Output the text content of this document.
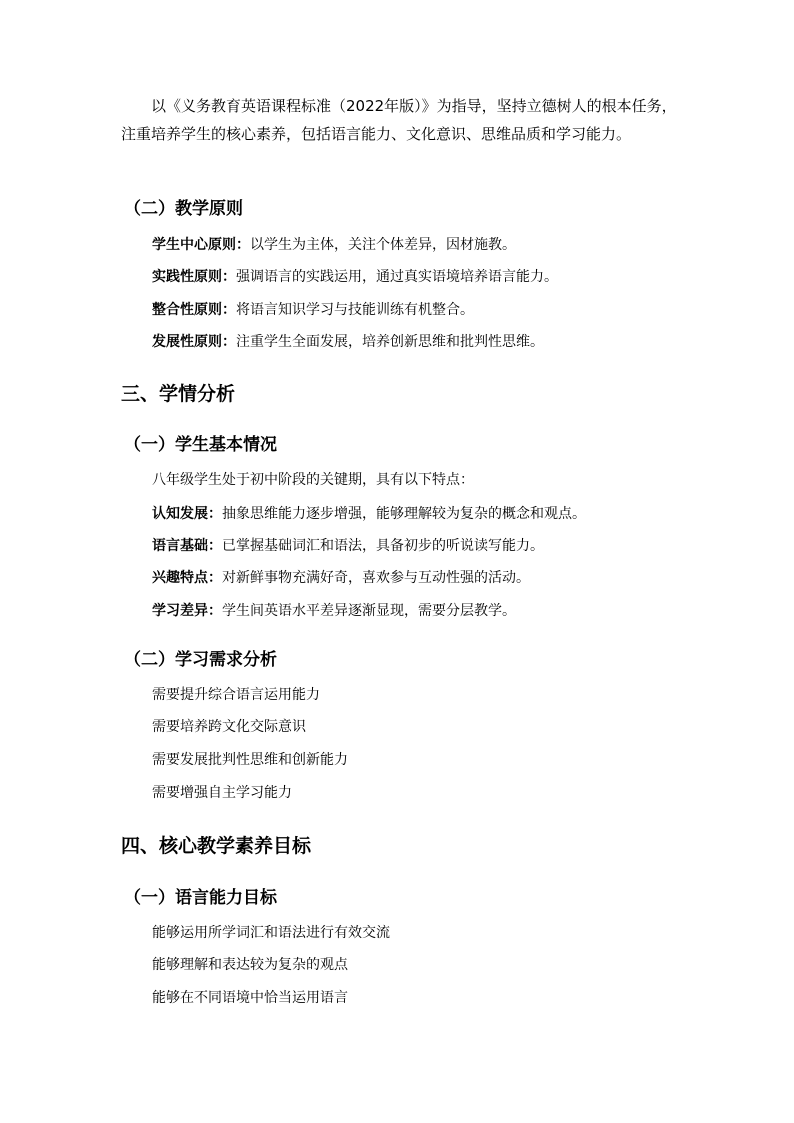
以《义务教育英语课程标准（2022年版）》为指导，坚持立德树人的根本任务，注重培养学生的核心素养，包括语言能力、文化意识、思维品质和学习能力。

（二）教学原则
学生中心原则：以学生为主体，关注个体差异，因材施教。
实践性原则：强调语言的实践运用，通过真实语境培养语言能力。
整合性原则：将语言知识学习与技能训练有机整合。
发展性原则：注重学生全面发展，培养创新思维和批判性思维。
三、学情分析
（一）学生基本情况
八年级学生处于初中阶段的关键期，具有以下特点：
认知发展：抽象思维能力逐步增强，能够理解较为复杂的概念和观点。
语言基础：已掌握基础词汇和语法，具备初步的听说读写能力。
兴趣特点：对新鲜事物充满好奇，喜欢参与互动性强的活动。
学习差异：学生间英语水平差异逐渐显现，需要分层教学。
（二）学习需求分析
需要提升综合语言运用能力
需要培养跨文化交际意识
需要发展批判性思维和创新能力
需要增强自主学习能力
四、核心教学素养目标
（一）语言能力目标
能够运用所学词汇和语法进行有效交流
能够理解和表达较为复杂的观点
能够在不同语境中恰当运用语言
